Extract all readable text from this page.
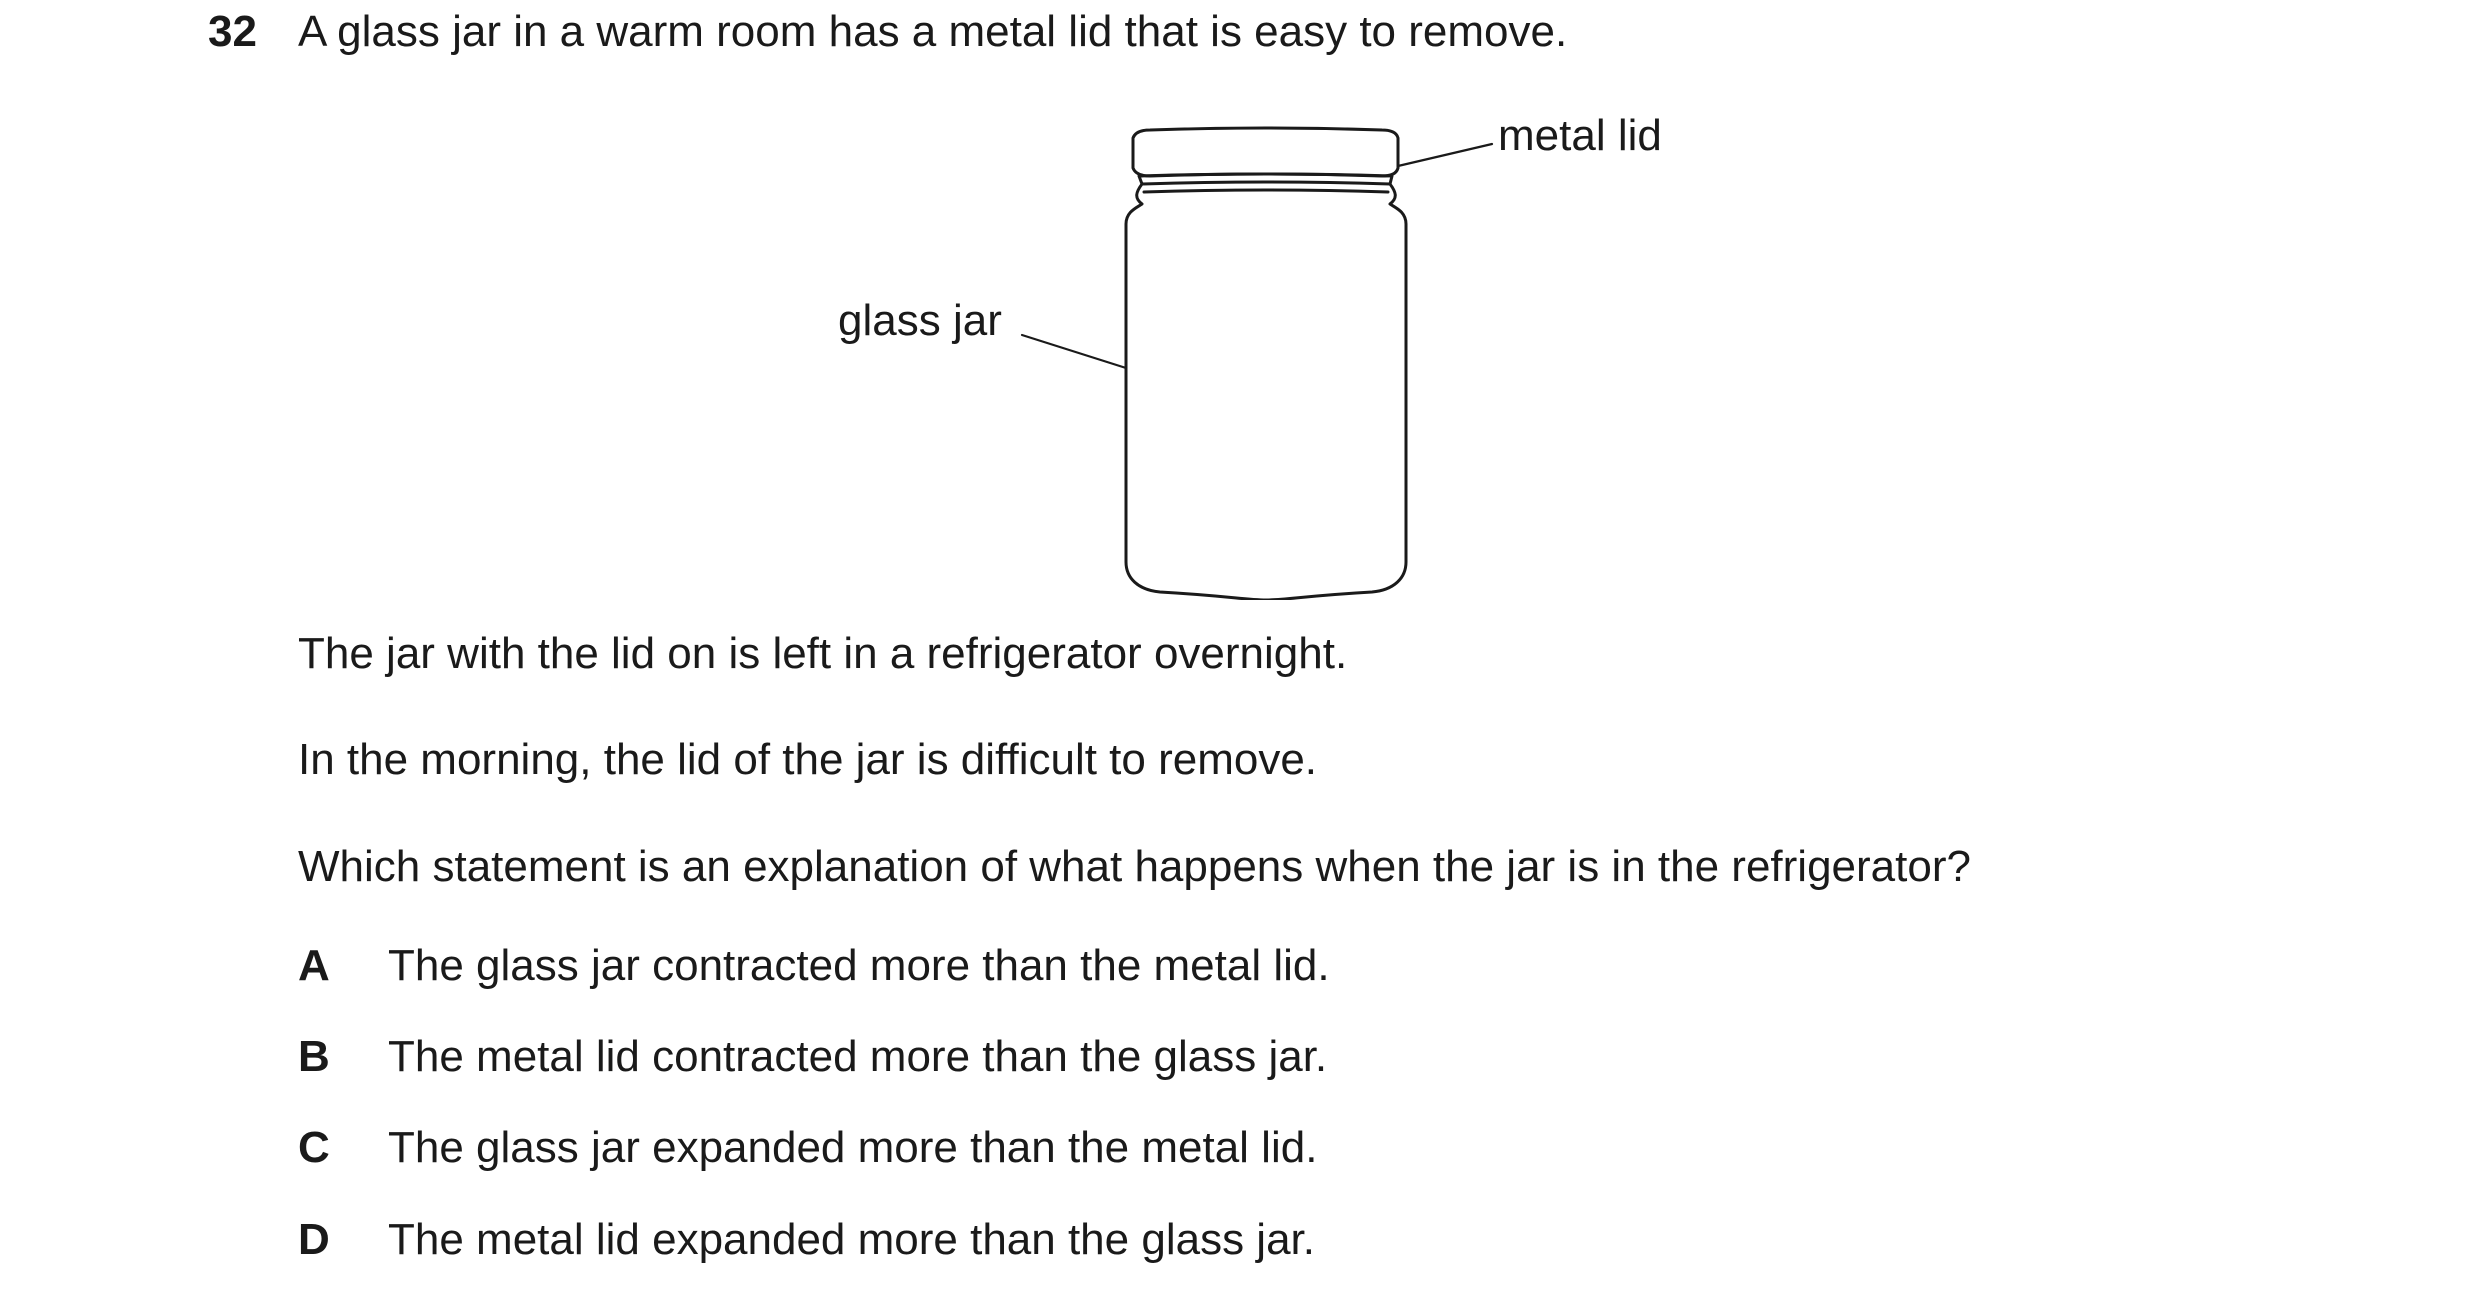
32 A glass jar in a warm room has a metal lid that is easy to remove.
metal lid
glass jar
The jar with the lid on is left in a refrigerator overnight.
In the morning, the lid of the jar is difficult to remove.
Which statement is an explanation of what happens when the jar is in the refrigerator?
A The glass jar contracted more than the metal lid.
B The metal lid contracted more than the glass jar.
C The glass jar expanded more than the metal lid.
D The metal lid expanded more than the glass jar.
